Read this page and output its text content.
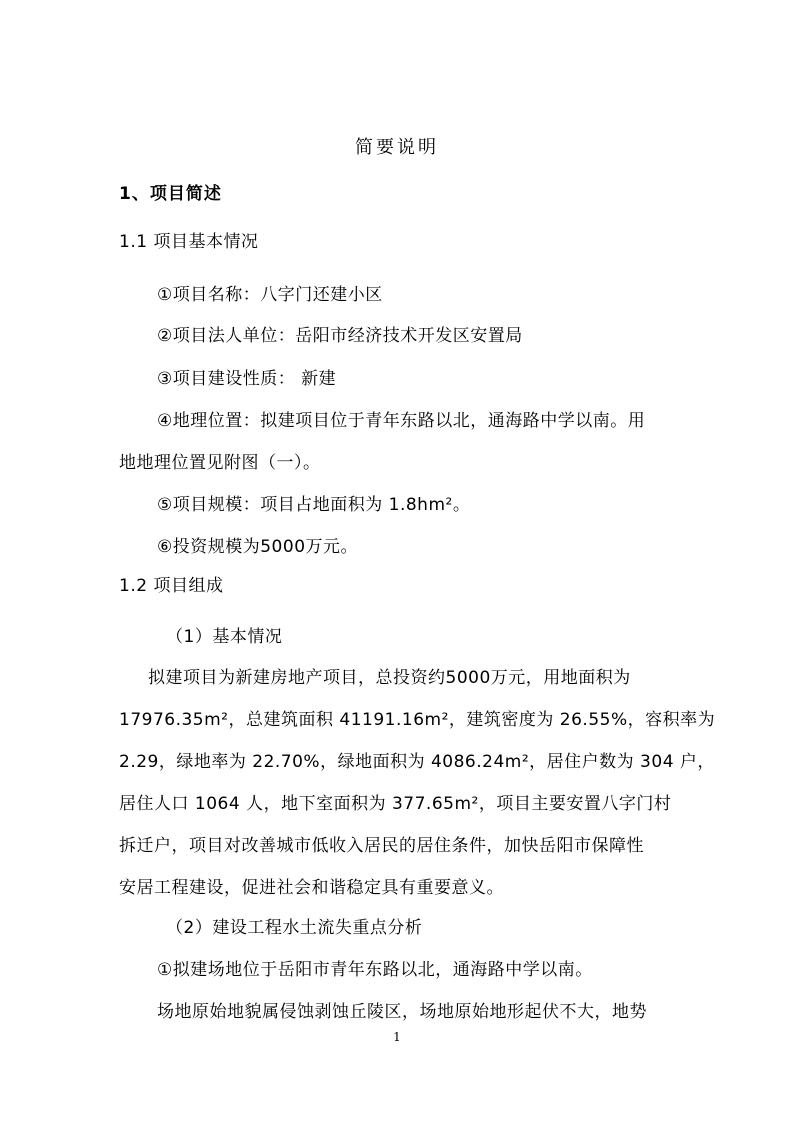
简要说明
1、项目简述
1.1 项目基本情况
①项目名称：八字门还建小区
②项目法人单位：岳阳市经济技术开发区安置局
③项目建设性质： 新建
④地理位置：拟建项目位于青年东路以北，通海路中学以南。用
地地理位置见附图（一）。
⑤项目规模：项目占地面积为 1.8hm²。
⑥投资规模为5000万元。
1.2 项目组成
（1）基本情况
拟建项目为新建房地产项目，总投资约5000万元，用地面积为
17976.35m²，总建筑面积 41191.16m²，建筑密度为 26.55%，容积率为
2.29，绿地率为 22.70%，绿地面积为 4086.24m²，居住户数为 304 户，
居住人口 1064 人，地下室面积为 377.65m²，项目主要安置八字门村
拆迁户，项目对改善城市低收入居民的居住条件，加快岳阳市保障性
安居工程建设，促进社会和谐稳定具有重要意义。
（2）建设工程水土流失重点分析
①拟建场地位于岳阳市青年东路以北，通海路中学以南。
场地原始地貌属侵蚀剥蚀丘陵区，场地原始地形起伏不大，地势
1
